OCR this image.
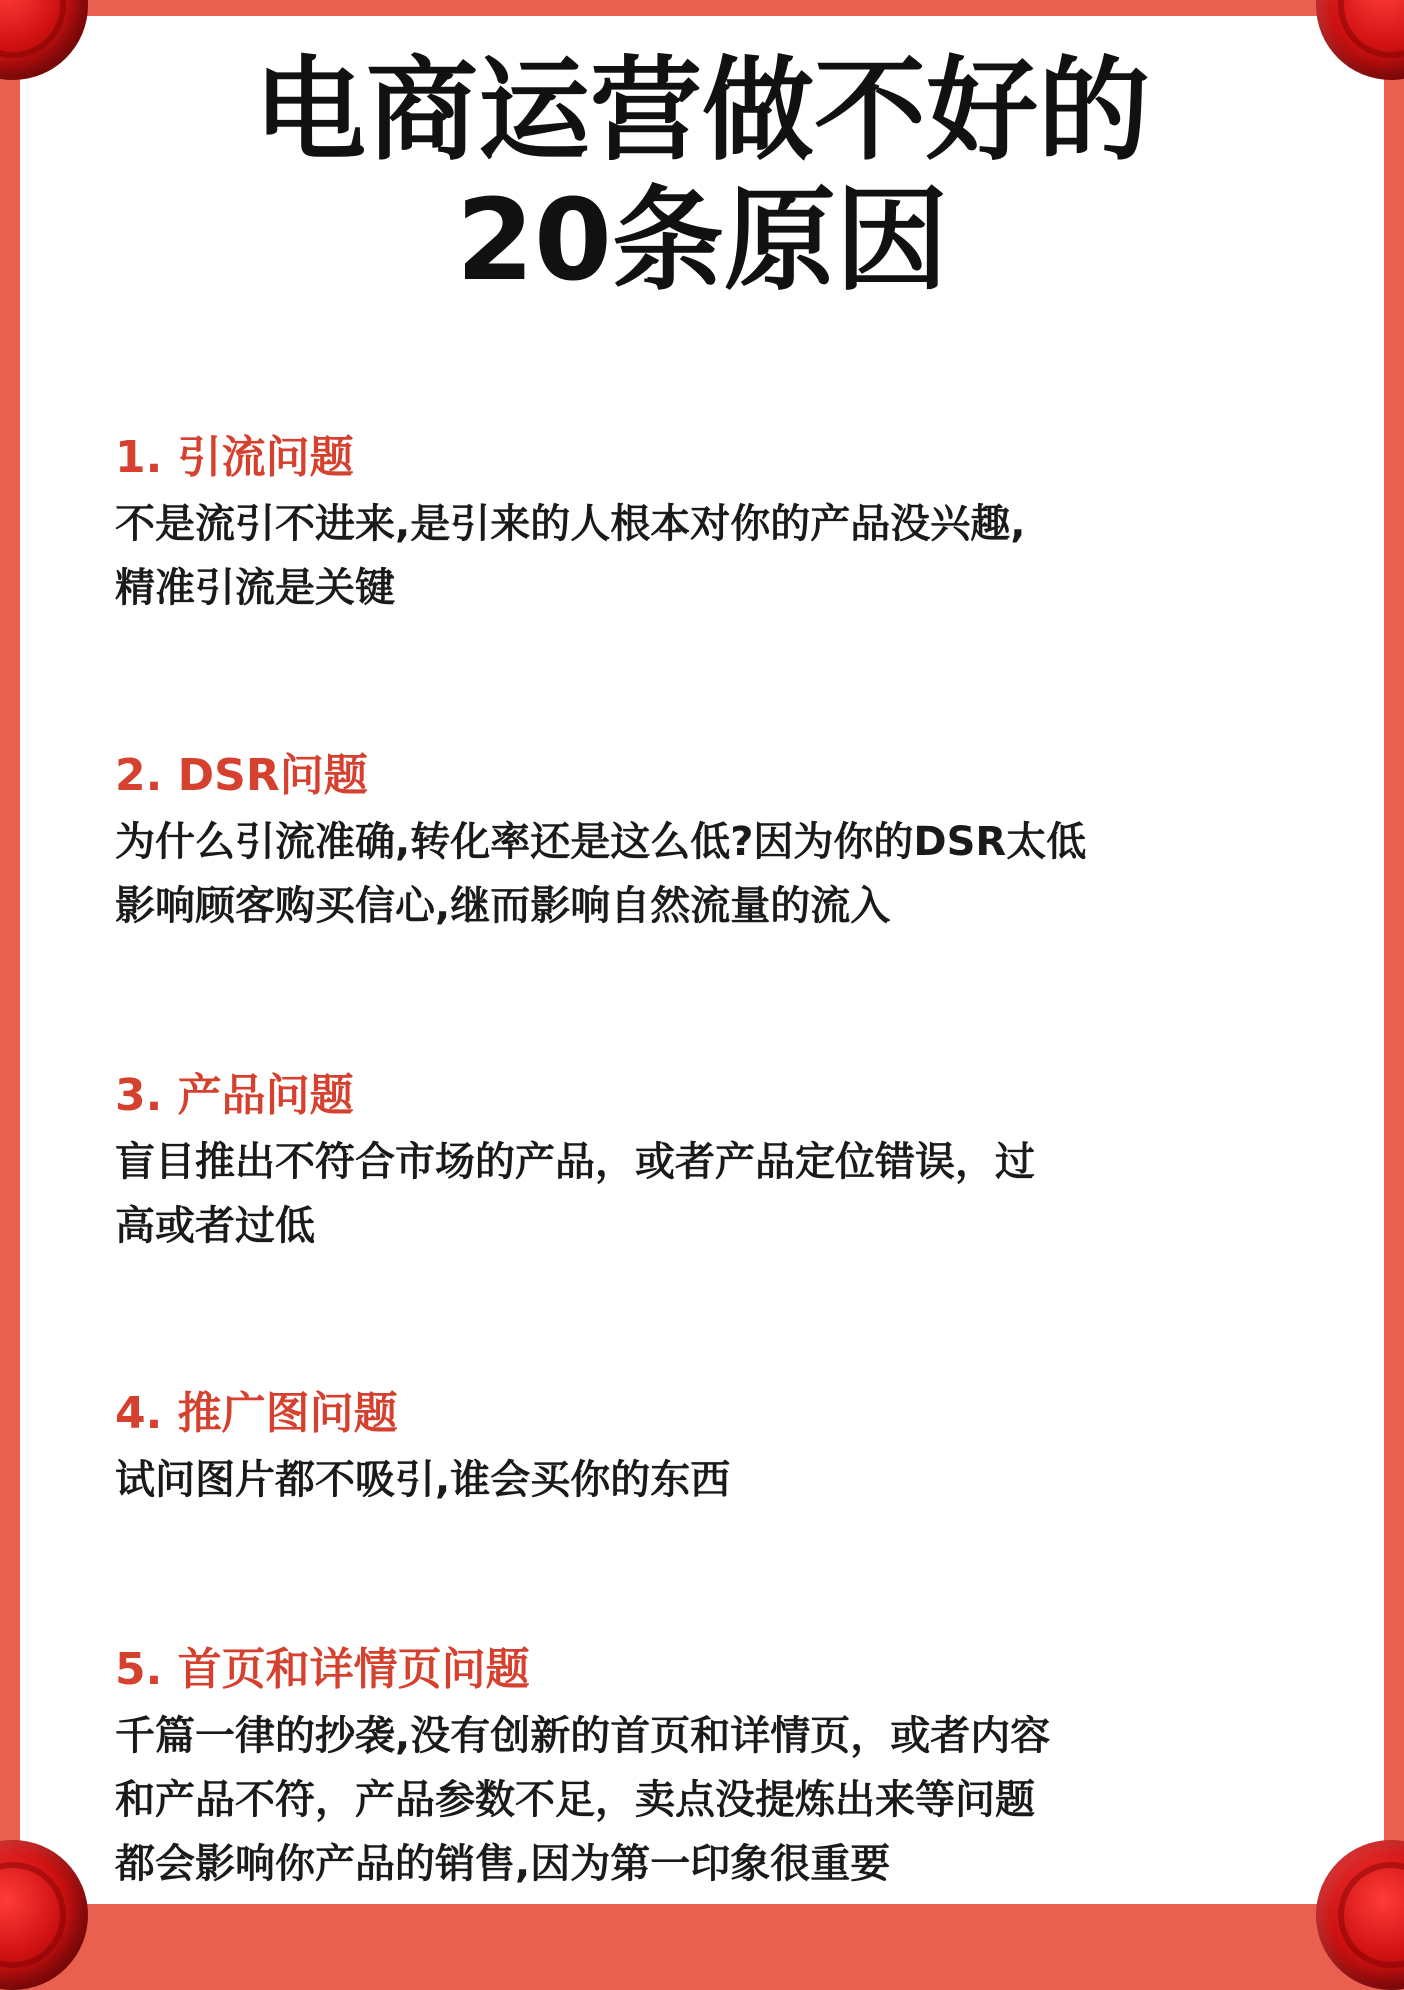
电商运营做不好的
20条原因
1. 引流问题

不是流引不进来,是引来的人根本对你的产品没兴趣,
精准引流是关键

2. DSR问题

为什么引流准确,转化率还是这么低?因为你的DSR太低
影响顾客购买信心,继而影响自然流量的流入

3. 产品问题

盲目推出不符合市场的产品，或者产品定位错误，过
高或者过低

4. 推广图问题

试问图片都不吸引,谁会买你的东西

5. 首页和详情页问题

千篇一律的抄袭,没有创新的首页和详情页，或者内容
和产品不符，产品参数不足，卖点没提炼出来等问题
都会影响你产品的销售,因为第一印象很重要
